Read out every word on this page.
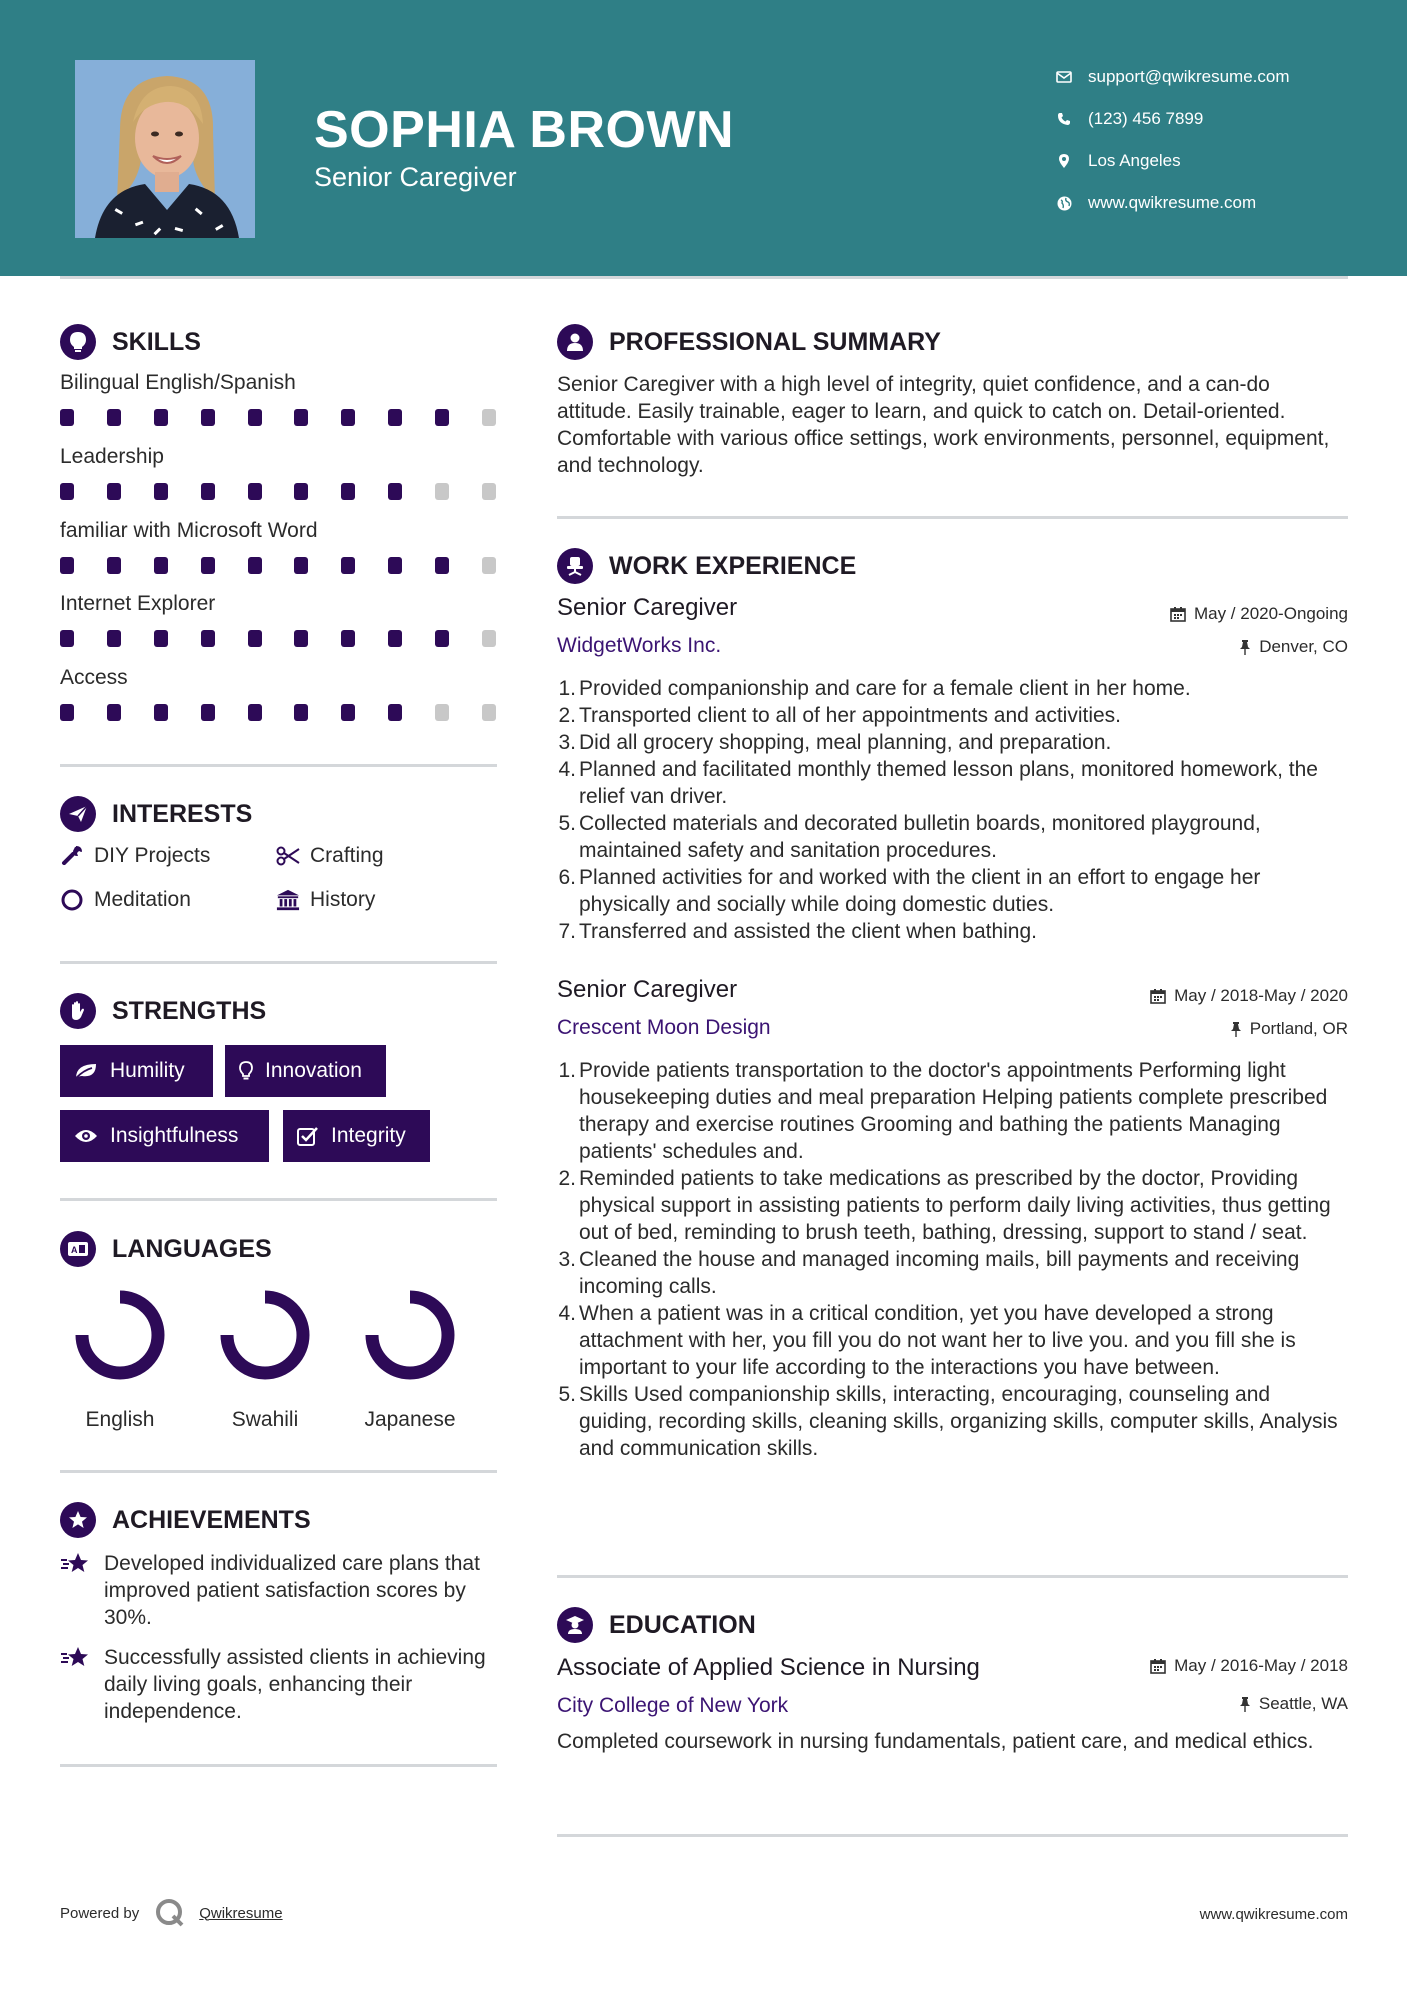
SOPHIA BROWN
Senior Caregiver
support@qwikresume.com
(123) 456 7899
Los Angeles
www.qwikresume.com
SKILLS
Bilingual English/Spanish
Leadership
familiar with Microsoft Word
Internet Explorer
Access
INTERESTS
DIY Projects	Crafting
Meditation	History
STRENGTHS
Humility	Innovation
Insightfulness	Integrity
A LANGUAGES
English	Swahili	Japanese
ACHIEVEMENTS
Developed individualized care plans that improved patient satisfaction scores by 30%.
Successfully assisted clients in achieving daily living goals, enhancing their independence.
PROFESSIONAL SUMMARY
Senior Caregiver with a high level of integrity, quiet confidence, and a can-do attitude. Easily trainable, eager to learn, and quick to catch on. Detail-oriented. Comfortable with various office settings, work environments, personnel, equipment, and technology.
WORK EXPERIENCE
Senior Caregiver
WidgetWorks Inc.
May / 2020-Ongoing
Denver, CO
1. Provided companionship and care for a female client in her home.
2. Transported client to all of her appointments and activities.
3. Did all grocery shopping, meal planning, and preparation.
4. Planned and facilitated monthly themed lesson plans, monitored homework, the relief van driver.
5. Collected materials and decorated bulletin boards, monitored playground, maintained safety and sanitation procedures.
6. Planned activities for and worked with the client in an effort to engage her physically and socially while doing domestic duties.
7. Transferred and assisted the client when bathing.
Senior Caregiver
Crescent Moon Design
May / 2018-May / 2020
Portland, OR
1. Provide patients transportation to the doctor's appointments Performing light housekeeping duties and meal preparation Helping patients complete prescribed therapy and exercise routines Grooming and bathing the patients Managing patients' schedules and.
2. Reminded patients to take medications as prescribed by the doctor, Providing physical support in assisting patients to perform daily living activities, thus getting out of bed, reminding to brush teeth, bathing, dressing, support to stand / seat.
3. Cleaned the house and managed incoming mails, bill payments and receiving incoming calls.
4. When a patient was in a critical condition, yet you have developed a strong attachment with her, you fill you do not want her to live you. and you fill she is important to your life according to the interactions you have between.
5. Skills Used companionship skills, interacting, encouraging, counseling and guiding, recording skills, cleaning skills, organizing skills, computer skills, Analysis and communication skills.
EDUCATION
Associate of Applied Science in Nursing
City College of New York
May / 2016-May / 2018
Seattle, WA
Completed coursework in nursing fundamentals, patient care, and medical ethics.
Powered by	Qwikresume	www.qwikresume.com
